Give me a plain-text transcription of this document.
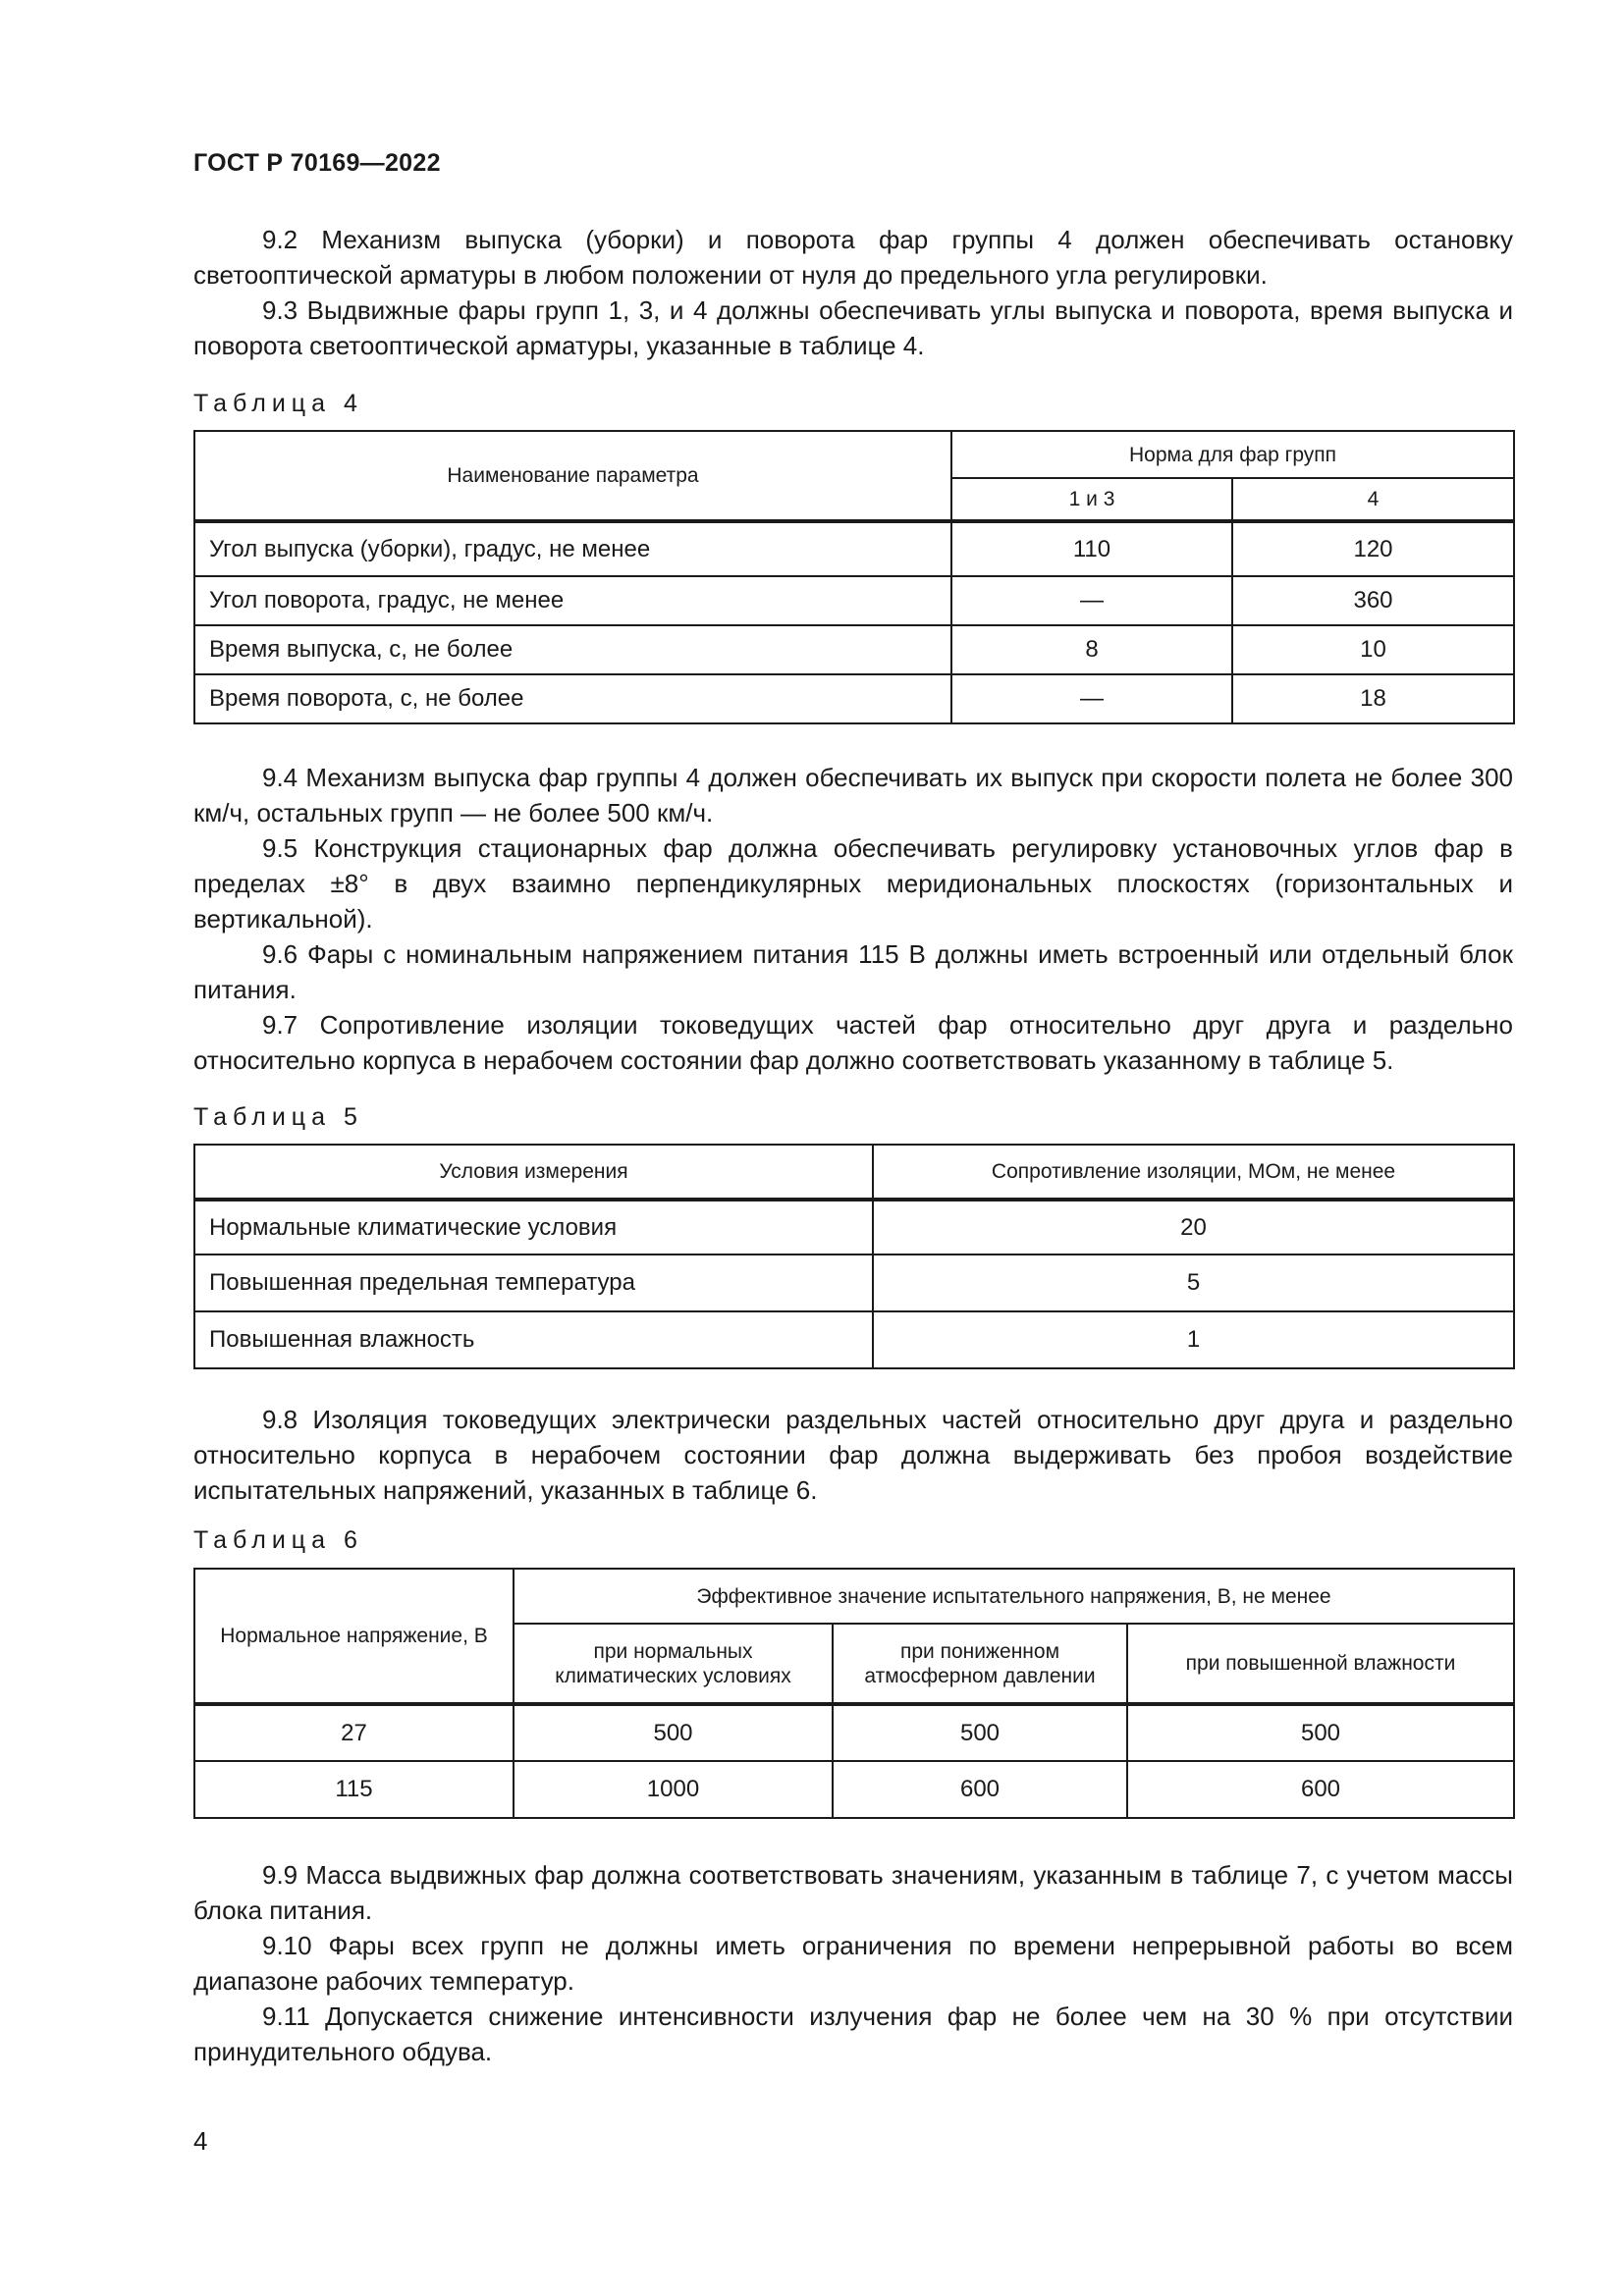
ГОСТ Р 70169—2022

9.2 Механизм выпуска (уборки) и поворота фар группы 4 должен обеспечивать остановку светооптической арматуры в любом положении от нуля до предельного угла регулировки.

9.3 Выдвижные фары групп 1, 3, и 4 должны обеспечивать углы выпуска и поворота, время выпуска и поворота светооптической арматуры, указанные в таблице 4.

Таблица 4
Наименование параметра	Норма для фар групп	
	1 и 3	4
Угол выпуска (уборки), градус, не менее	110	120
Угол поворота, градус, не менее	—	360
Время выпуска, с, не более	8	10
Время поворота, с, не более	—	18

9.4 Механизм выпуска фар группы 4 должен обеспечивать их выпуск при скорости полета не более 300 км/ч, остальных групп — не более 500 км/ч.

9.5 Конструкция стационарных фар должна обеспечивать регулировку установочных углов фар в пределах ±8° в двух взаимно перпендикулярных меридиональных плоскостях (горизонтальных и вертикальной).

9.6 Фары с номинальным напряжением питания 115 В должны иметь встроенный или отдельный блок питания.

9.7 Сопротивление изоляции токоведущих частей фар относительно друг друга и раздельно относительно корпуса в нерабочем состоянии фар должно соответствовать указанному в таблице 5.

Таблица 5
Условия измерения	Сопротивление изоляции, МОм, не менее
Нормальные климатические условия	20
Повышенная предельная температура	5
Повышенная влажность	1

9.8 Изоляция токоведущих электрически раздельных частей относительно друг друга и раздельно относительно корпуса в нерабочем состоянии фар должна выдерживать без пробоя воздействие испытательных напряжений, указанных в таблице 6.

Таблица 6
Нормальное напряжение, В	Эффективное значение испытательного напряжения, В, не менее		
	при нормальных климатических условиях	при пониженном атмосферном давлении	при повышенной влажности
27	500	500	500
115	1000	600	600

9.9 Масса выдвижных фар должна соответствовать значениям, указанным в таблице 7, с учетом массы блока питания.

9.10 Фары всех групп не должны иметь ограничения по времени непрерывной работы во всем диапазоне рабочих температур.

9.11 Допускается снижение интенсивности излучения фар не более чем на 30 % при отсутствии принудительного обдува.

4
